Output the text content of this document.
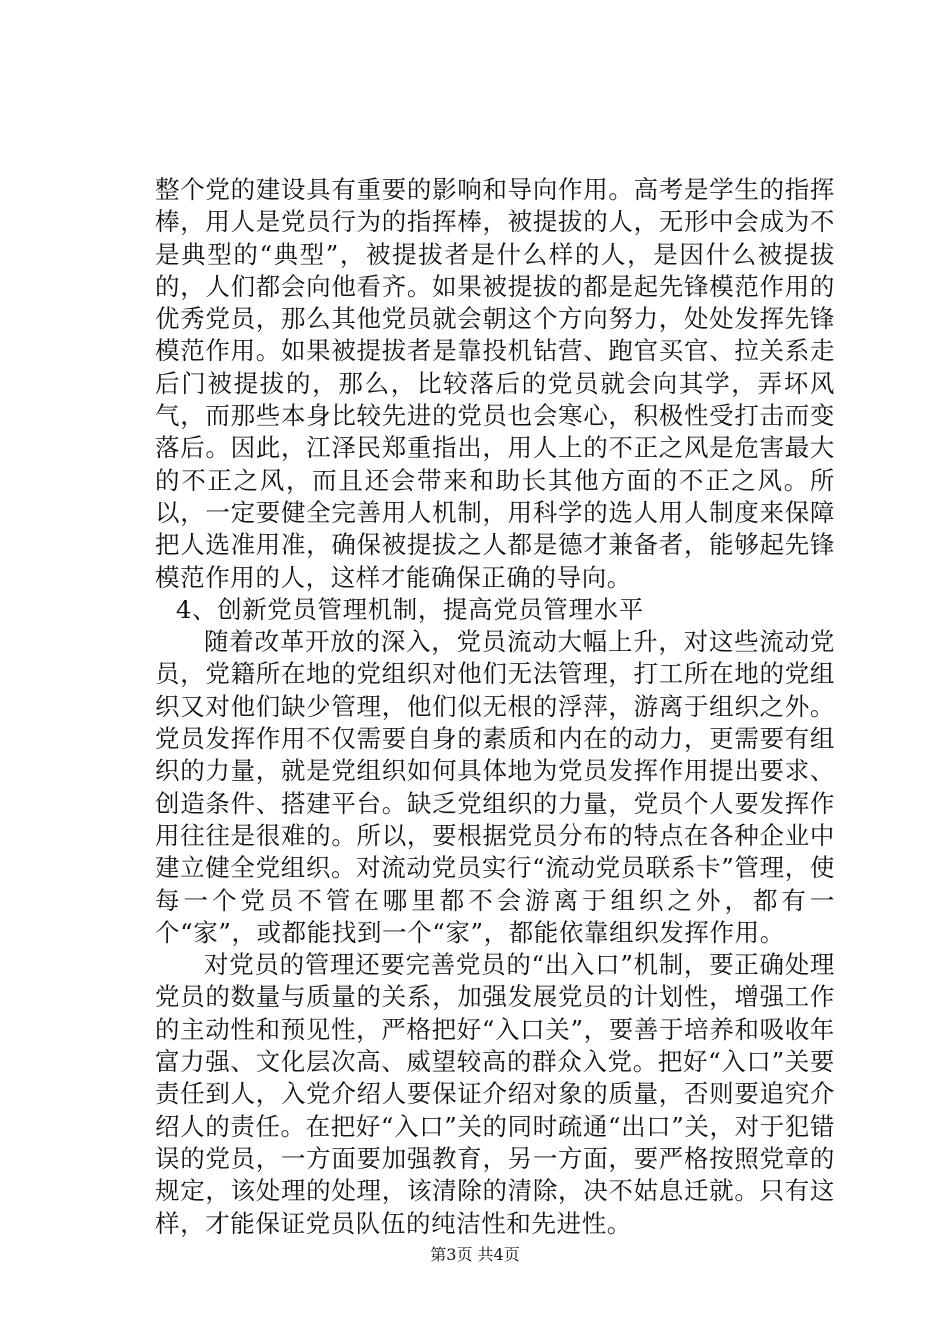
整个党的建设具有重要的影响和导向作用。高考是学生的指挥棒，用人是党员行为的指挥棒，被提拔的人，无形中会成为不是典型的“典型”，被提拔者是什么样的人，是因什么被提拔的，人们都会向他看齐。如果被提拔的都是起先锋模范作用的优秀党员，那么其他党员就会朝这个方向努力，处处发挥先锋模范作用。如果被提拔者是靠投机钻营、跑官买官、拉关系走后门被提拔的，那么，比较落后的党员就会向其学，弄坏风气，而那些本身比较先进的党员也会寒心，积极性受打击而变落后。因此，江泽民郑重指出，用人上的不正之风是危害最大的不正之风，而且还会带来和助长其他方面的不正之风。所以，一定要健全完善用人机制，用科学的选人用人制度来保障把人选准用准，确保被提拔之人都是德才兼备者，能够起先锋模范作用的人，这样才能确保正确的导向。

4、创新党员管理机制，提高党员管理水平

随着改革开放的深入，党员流动大幅上升，对这些流动党员，党籍所在地的党组织对他们无法管理，打工所在地的党组织又对他们缺少管理，他们似无根的浮萍，游离于组织之外。党员发挥作用不仅需要自身的素质和内在的动力，更需要有组织的力量，就是党组织如何具体地为党员发挥作用提出要求、创造条件、搭建平台。缺乏党组织的力量，党员个人要发挥作用往往是很难的。所以，要根据党员分布的特点在各种企业中建立健全党组织。对流动党员实行“流动党员联系卡”管理，使每一个党员不管在哪里都不会游离于组织之外，都有一个“家”，或都能找到一个“家”，都能依靠组织发挥作用。

对党员的管理还要完善党员的“出入口”机制，要正确处理党员的数量与质量的关系，加强发展党员的计划性，增强工作的主动性和预见性，严格把好“入口关”，要善于培养和吸收年富力强、文化层次高、威望较高的群众入党。把好“入口”关要责任到人，入党介绍人要保证介绍对象的质量，否则要追究介绍人的责任。在把好“入口”关的同时疏通“出口”关，对于犯错误的党员，一方面要加强教育，另一方面，要严格按照党章的规定，该处理的处理，该清除的清除，决不姑息迁就。只有这样，才能保证党员队伍的纯洁性和先进性。

第3页 共4页
